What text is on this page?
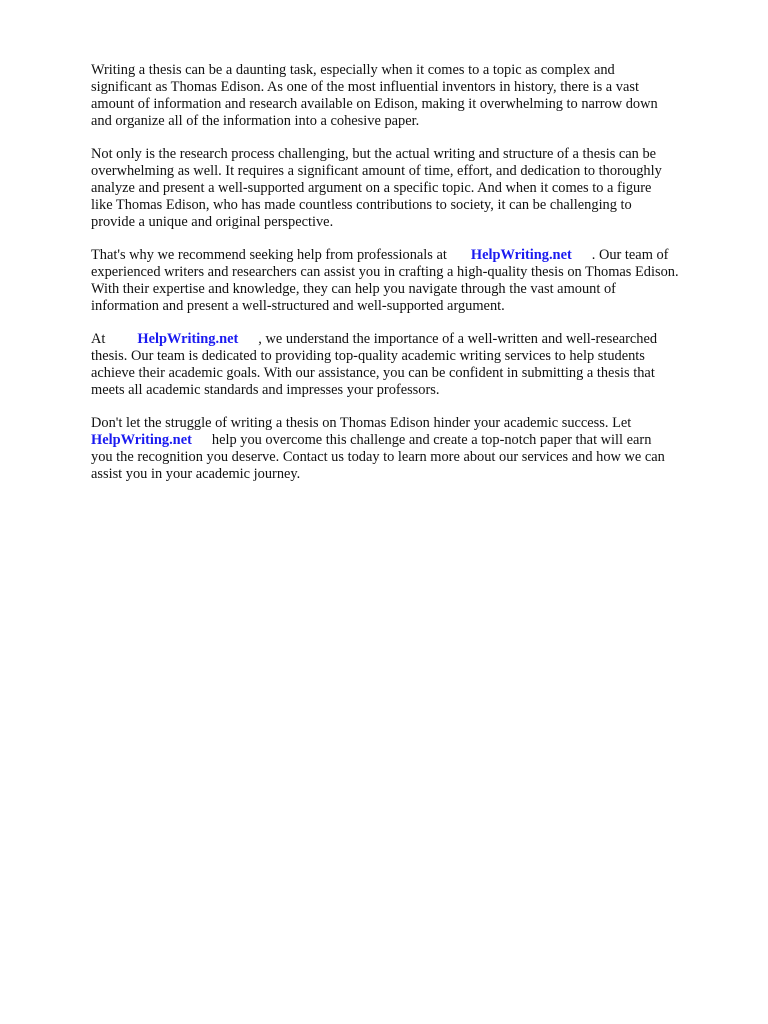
Writing a thesis can be a daunting task, especially when it comes to a topic as complex and
significant as Thomas Edison. As one of the most influential inventors in history, there is a vast
amount of information and research available on Edison, making it overwhelming to narrow down
and organize all of the information into a cohesive paper.

Not only is the research process challenging, but the actual writing and structure of a thesis can be
overwhelming as well. It requires a significant amount of time, effort, and dedication to thoroughly
analyze and present a well-supported argument on a specific topic. And when it comes to a figure
like Thomas Edison, who has made countless contributions to society, it can be challenging to
provide a unique and original perspective.

That's why we recommend seeking help from professionals at HelpWriting.net . Our team of
experienced writers and researchers can assist you in crafting a high-quality thesis on Thomas Edison.
With their expertise and knowledge, they can help you navigate through the vast amount of
information and present a well-structured and well-supported argument.

At HelpWriting.net , we understand the importance of a well-written and well-researched
thesis. Our team is dedicated to providing top-quality academic writing services to help students
achieve their academic goals. With our assistance, you can be confident in submitting a thesis that
meets all academic standards and impresses your professors.

Don't let the struggle of writing a thesis on Thomas Edison hinder your academic success. Let
HelpWriting.net help you overcome this challenge and create a top-notch paper that will earn
you the recognition you deserve. Contact us today to learn more about our services and how we can
assist you in your academic journey.
